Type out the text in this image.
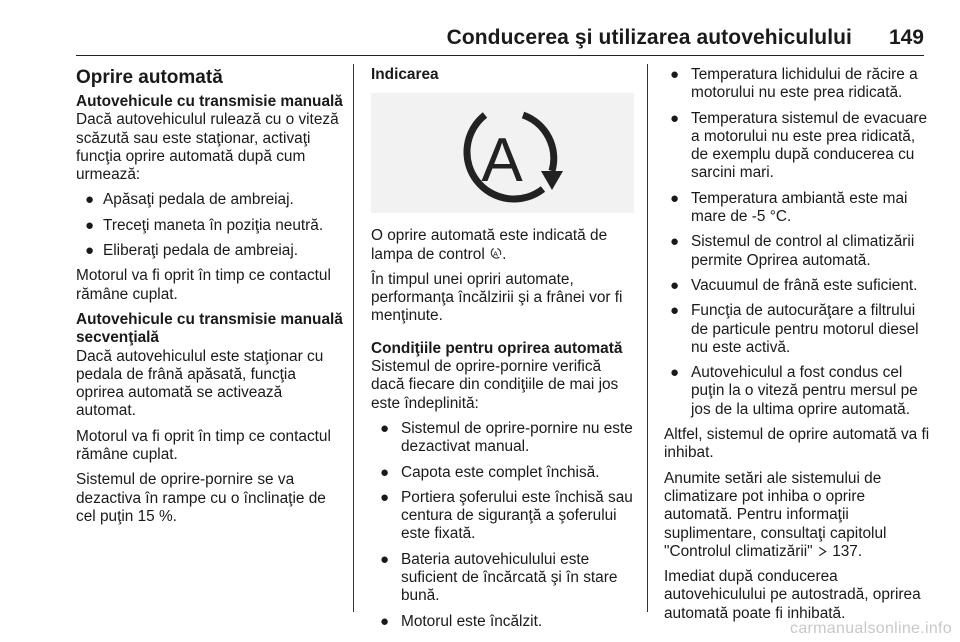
Conducerea şi utilizarea autovehiculului 149
Oprire automată
Autovehicule cu transmisie manuală

Dacă autovehiculul rulează cu o viteză scăzută sau este staţionar, activaţi funcţia oprire automată după cum urmează:

● Apăsaţi pedala de ambreiaj.
● Treceţi maneta în poziţia neutră.
● Eliberaţi pedala de ambreiaj.

Motorul va fi oprit în timp ce contactul rămâne cuplat.

Autovehicule cu transmisie manuală secvenţială

Dacă autovehiculul este staţionar cu pedala de frână apăsată, funcţia oprirea automată se activează automat.

Motorul va fi oprit în timp ce contactul rămâne cuplat.

Sistemul de oprire-pornire se va dezactiva în rampe cu o înclinaţie de cel puţin 15 %.

Indicarea
A

O oprire automată este indicată de lampa de control A .

În timpul unei opriri automate, performanţa încălzirii şi a frânei vor fi menţinute.

Condiţiile pentru oprirea automată

Sistemul de oprire-pornire verifică dacă fiecare din condiţiile de mai jos este îndeplinită:

● Sistemul de oprire-pornire nu este dezactivat manual.
● Capota este complet închisă.
● Portiera şoferului este închisă sau centura de siguranţă a şoferului este fixată.
● Bateria autovehiculului este suficient de încărcată şi în stare bună.
● Motorul este încălzit.
● Temperatura lichidului de răcire a motorului nu este prea ridicată.
● Temperatura sistemul de evacuare a motorului nu este prea ridicată, de exemplu după conducerea cu sarcini mari.
● Temperatura ambiantă este mai mare de -5 °C.
● Sistemul de control al climatizării permite Oprirea automată.
● Vacuumul de frână este suficient.
● Funcţia de autocurăţare a filtrului de particule pentru motorul diesel nu este activă.
● Autovehiculul a fost condus cel puţin la o viteză pentru mersul pe jos de la ultima oprire automată.

Altfel, sistemul de oprire automată va fi inhibat.

Anumite setări ale sistemului de climatizare pot inhiba o oprire automată. Pentru informaţii suplimentare, consultaţi capitolul "Controlul climatizării" 137.

Imediat după conducerea autovehiculului pe autostradă, oprirea automată poate fi inhibată.

carmanualsonline.info
